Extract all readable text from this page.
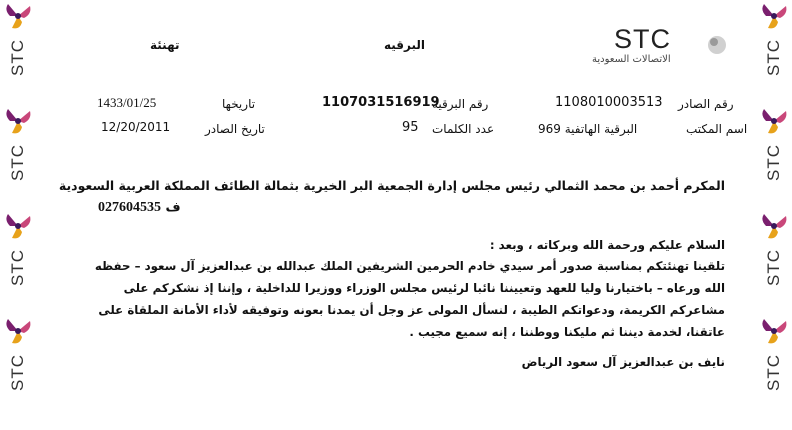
STC
STC
STC
STC
STC
STC
STC
STC
STC
الاتصالات السعودية
البرقيه
تهنئة
رقم الصادر
1108010003513
رقم البرقية
1107031516919
تاريخها
1433/01/25
اسم المكتب
البرقية الهاتفية 969
عدد الكلمات
95
تاريخ الصادر
12/20/2011
المكرم أحمد بن محمد الثمالي رئيس مجلس إدارة الجمعية البر الخيرية بثمالة الطائف المملكة العربية السعودية
ف 027604535
السلام عليكم ورحمة الله وبركاته ، وبعد :
تلقينا تهنئتكم بمناسبة صدور أمر سيدي خادم الحرمين الشريفين الملك عبدالله بن عبدالعزيز آل سعود – حفظه
الله ورعاه – باختيارنا وليا للعهد وتعييننا نائبا لرئيس مجلس الوزراء ووزيرا للداخلية ، وإننا إذ نشكركم على
مشاعركم الكريمة، ودعواتكم الطيبة ، لنسأل المولى عز وجل أن يمدنا بعونه وتوفيقه لأداء الأمانة الملقاة على
عاتقنا، لخدمة ديننا ثم مليكنا ووطننا ، إنه سميع مجيب .
نايف بن عبدالعزيز آل سعود الرياض
